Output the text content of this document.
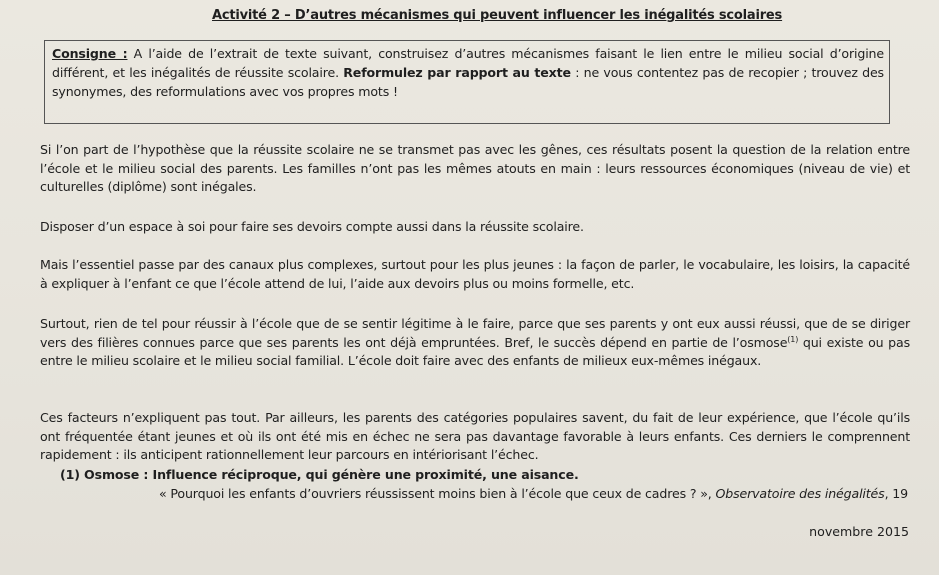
Activité 2 – D’autres mécanismes qui peuvent influencer les inégalités scolaires
Consigne : A l’aide de l’extrait de texte suivant, construisez d’autres mécanismes faisant le lien entre le milieu social d’origine différent, et les inégalités de réussite scolaire. Reformulez par rapport au texte : ne vous contentez pas de recopier ; trouvez des synonymes, des reformulations avec vos propres mots !
Si l’on part de l’hypothèse que la réussite scolaire ne se transmet pas avec les gênes, ces résultats posent la question de la relation entre l’école et le milieu social des parents. Les familles n’ont pas les mêmes atouts en main : leurs ressources économiques (niveau de vie) et culturelles (diplôme) sont inégales.
Disposer d’un espace à soi pour faire ses devoirs compte aussi dans la réussite scolaire.
Mais l’essentiel passe par des canaux plus complexes, surtout pour les plus jeunes : la façon de parler, le vocabulaire, les loisirs, la capacité à expliquer à l’enfant ce que l’école attend de lui, l’aide aux devoirs plus ou moins formelle, etc.
Surtout, rien de tel pour réussir à l’école que de se sentir légitime à le faire, parce que ses parents y ont eux aussi réussi, que de se diriger vers des filières connues parce que ses parents les ont déjà empruntées. Bref, le succès dépend en partie de l’osmose$^{(1)}$ qui existe ou pas entre le milieu scolaire et le milieu social familial. L’école doit faire avec des enfants de milieux eux-mêmes inégaux.
Ces facteurs n’expliquent pas tout. Par ailleurs, les parents des catégories populaires savent, du fait de leur expérience, que l’école qu’ils ont fréquentée étant jeunes et où ils ont été mis en échec ne sera pas davantage favorable à leurs enfants. Ces derniers le comprennent rapidement : ils anticipent rationnellement leur parcours en intériorisant l’échec.
(1) Osmose : Influence réciproque, qui génère une proximité, une aisance.
« Pourquoi les enfants d’ouvriers réussissent moins bien à l’école que ceux de cadres ? », Observatoire des inégalités, 19
novembre 2015
